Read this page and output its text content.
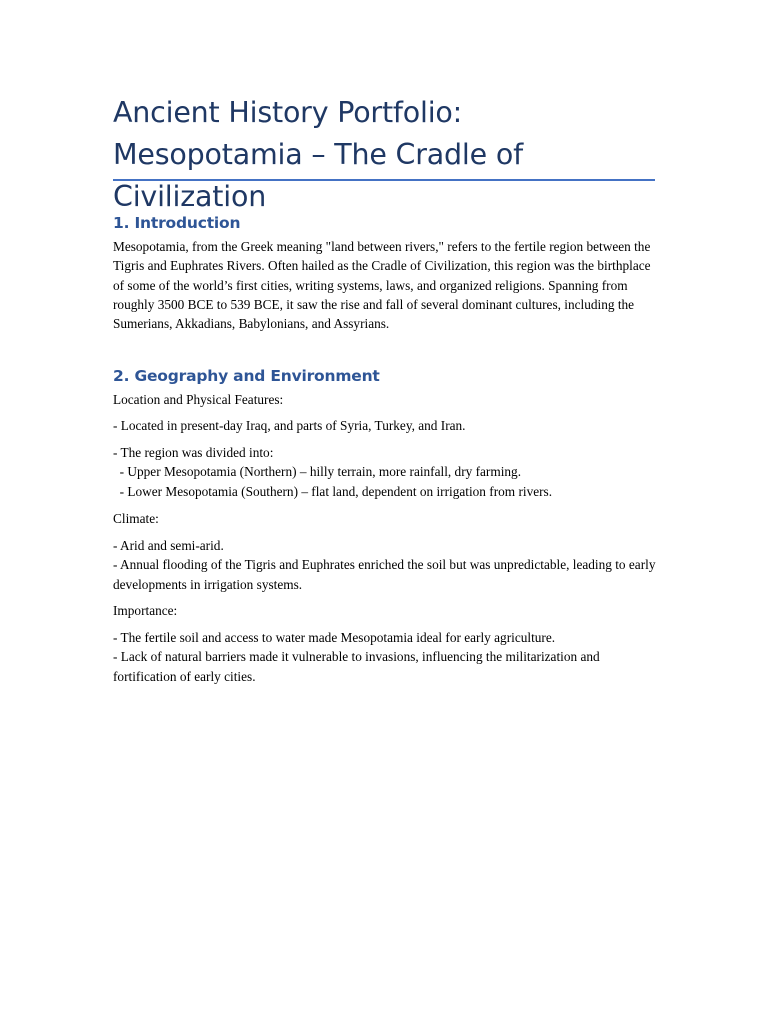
Ancient History Portfolio: Mesopotamia – The Cradle of Civilization
1. Introduction

Mesopotamia, from the Greek meaning "land between rivers," refers to the fertile region between the Tigris and Euphrates Rivers. Often hailed as the Cradle of Civilization, this region was the birthplace of some of the world’s first cities, writing systems, laws, and organized religions. Spanning from roughly 3500 BCE to 539 BCE, it saw the rise and fall of several dominant cultures, including the Sumerians, Akkadians, Babylonians, and Assyrians.

2. Geography and Environment

Location and Physical Features:

- Located in present-day Iraq, and parts of Syria, Turkey, and Iran.

- The region was divided into:
- Upper Mesopotamia (Northern) – hilly terrain, more rainfall, dry farming.
- Lower Mesopotamia (Southern) – flat land, dependent on irrigation from rivers.

Climate:

- Arid and semi-arid.
- Annual flooding of the Tigris and Euphrates enriched the soil but was unpredictable, leading to early developments in irrigation systems.

Importance:

- The fertile soil and access to water made Mesopotamia ideal for early agriculture.
- Lack of natural barriers made it vulnerable to invasions, influencing the militarization and fortification of early cities.
